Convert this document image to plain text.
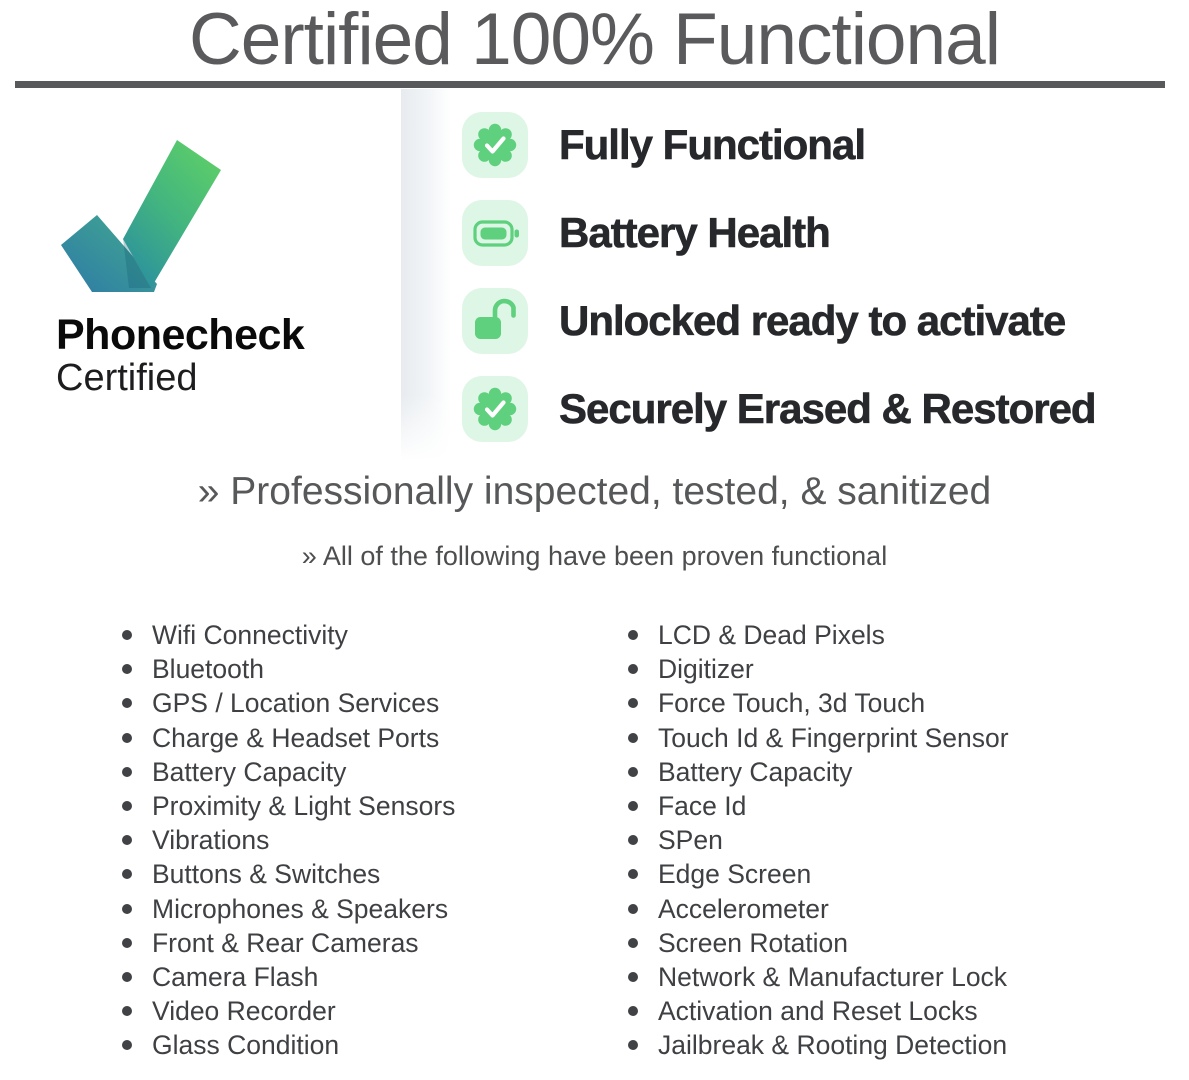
Certified 100% Functional
Phonecheck
Certified
Fully Functional
Battery Health
Unlocked ready to activate
Securely Erased & Restored

» Professionally inspected, tested, & sanitized

» All of the following have been proven functional

Wifi Connectivity
Bluetooth
GPS / Location Services
Charge & Headset Ports
Battery Capacity
Proximity & Light Sensors
Vibrations
Buttons & Switches
Microphones & Speakers
Front & Rear Cameras
Camera Flash
Video Recorder
Glass Condition
LCD & Dead Pixels
Digitizer
Force Touch, 3d Touch
Touch Id & Fingerprint Sensor
Battery Capacity
Face Id
SPen
Edge Screen
Accelerometer
Screen Rotation
Network & Manufacturer Lock
Activation and Reset Locks
Jailbreak & Rooting Detection
